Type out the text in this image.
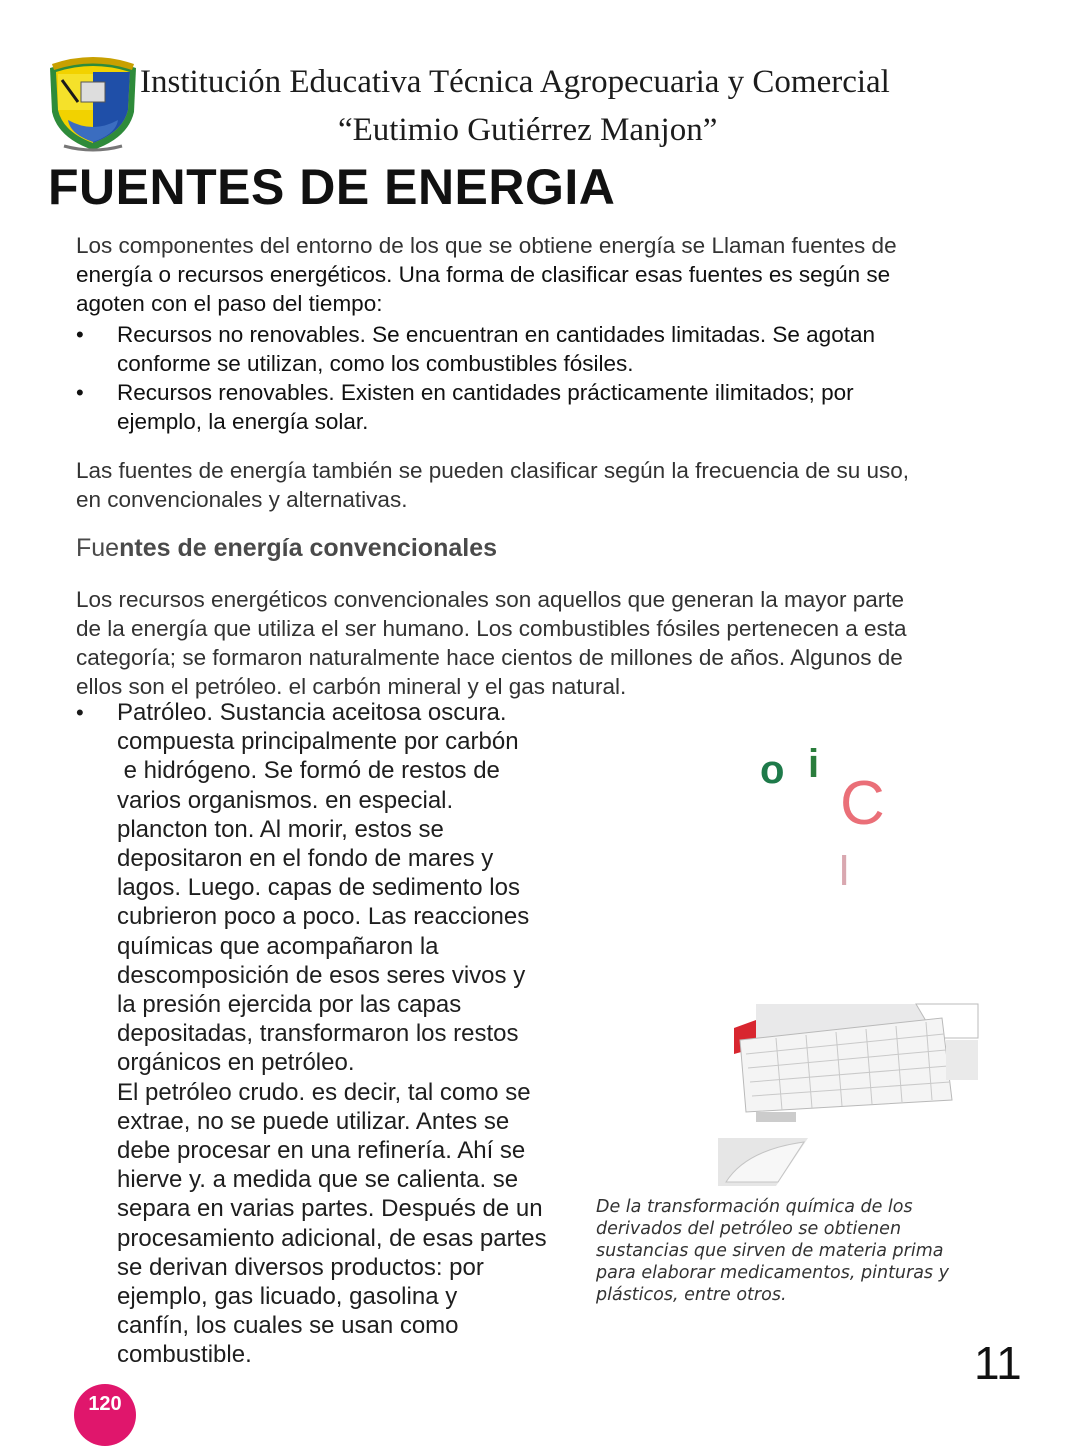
Institución Educativa Técnica Agropecuaria y Comercial
“Eutimio Gutiérrez Manjon”
FUENTES DE ENERGIA
Los componentes del entorno de los que se obtiene energía se Llaman fuentes de
energía o recursos energéticos. Una forma de clasificar esas fuentes es según se
agoten con el paso del tiempo:
• Recursos no renovables. Se encuentran en cantidades limitadas. Se agotan
conforme se utilizan, como los combustibles fósiles.
• Recursos renovables. Existen en cantidades prácticamente ilimitados; por
ejemplo, la energía solar.
Las fuentes de energía también se pueden clasificar según la frecuencia de su uso,
en convencionales y alternativas.
Fuentes de energía convencionales
Los recursos energéticos convencionales son aquellos que generan la mayor parte
de la energía que utiliza el ser humano. Los combustibles fósiles pertenecen a esta
categoría; se formaron naturalmente hace cientos de millones de años. Algunos de
ellos son el petróleo. el carbón mineral y el gas natural.
• Patróleo. Sustancia aceitosa oscura.
compuesta principalmente por carbón
e hidrógeno. Se formó de restos de
varios organismos. en especial.
plancton ton. Al morir, estos se
depositaron en el fondo de mares y
lagos. Luego. capas de sedimento los
cubrieron poco a poco. Las reacciones
químicas que acompañaron la
descomposición de esos seres vivos y
la presión ejercida por las capas
depositadas, transformaron los restos
orgánicos en petróleo.
El petróleo crudo. es decir, tal como se
extrae, no se puede utilizar. Antes se
debe procesar en una refinería. Ahí se
hierve y. a medida que se calienta. se
separa en varias partes. Después de un
procesamiento adicional, de esas partes
se derivan diversos productos: por
ejemplo, gas licuado, gasolina y
canfín, los cuales se usan como
combustible.
o i
C
I
De la transformación química de los
derivados del petróleo se obtienen
sustancias que sirven de materia prima
para elaborar medicamentos, pinturas y
plásticos, entre otros.
11
120
